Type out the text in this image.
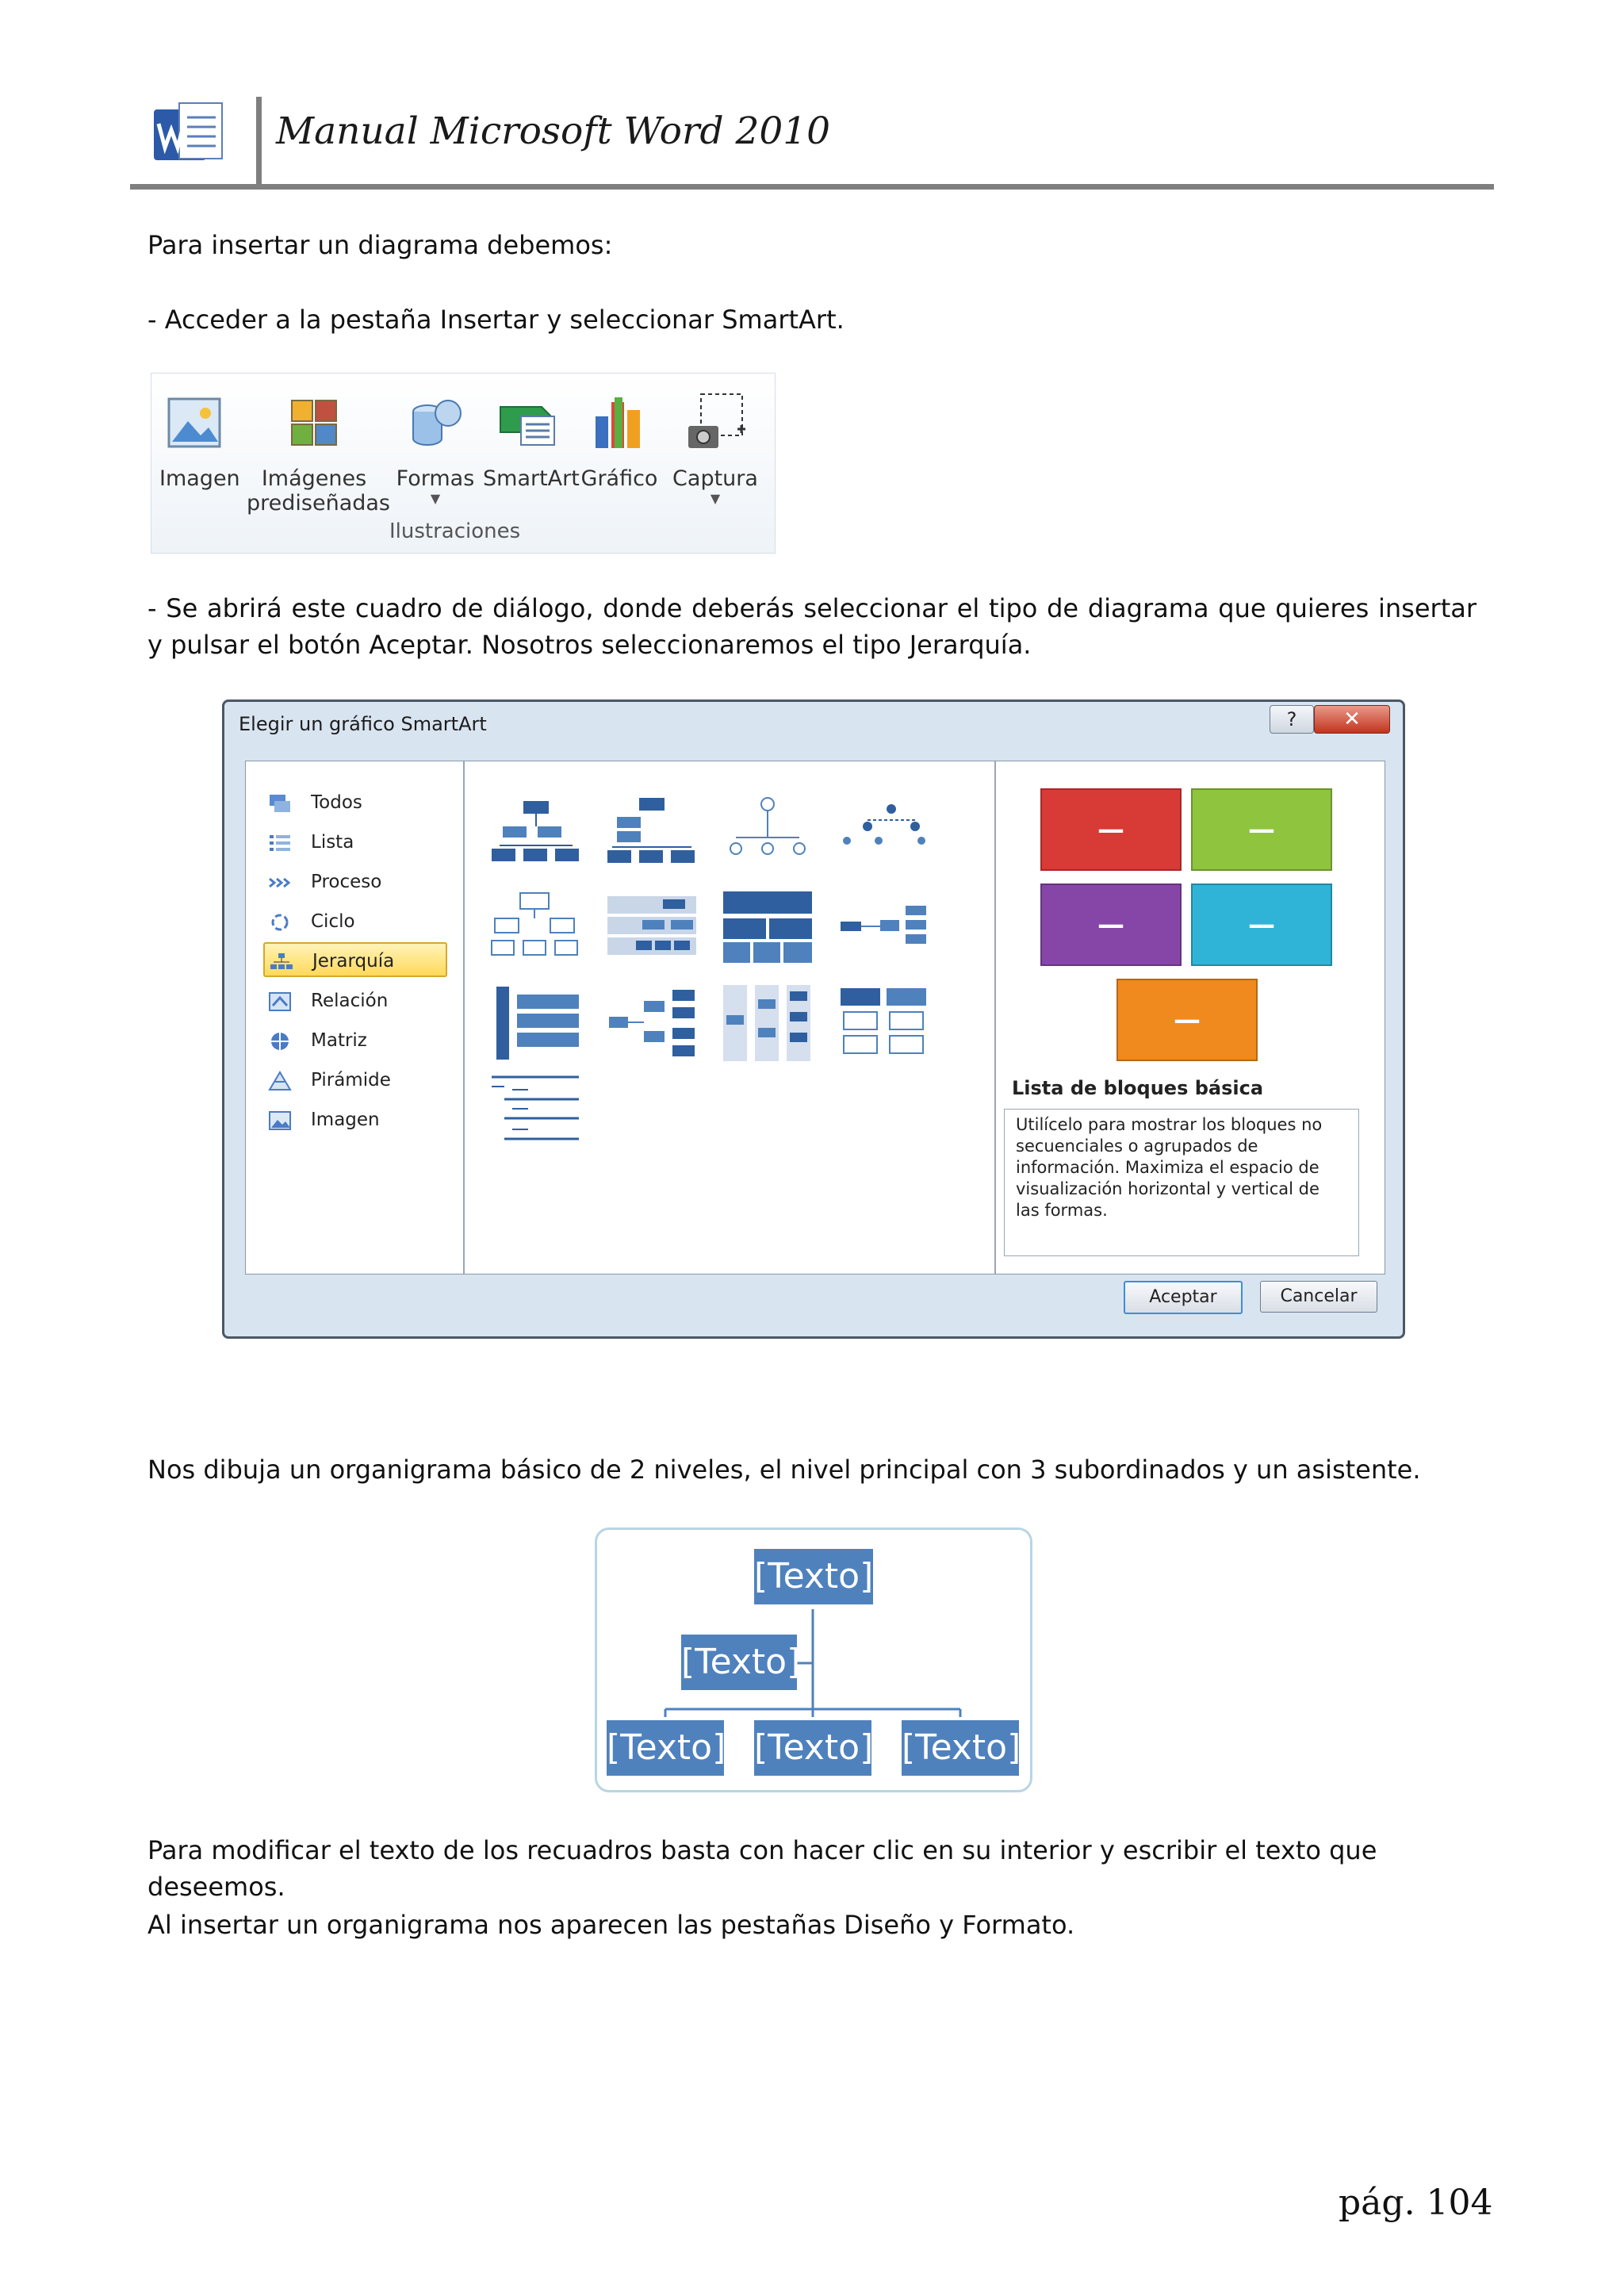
Manual Microsoft Word 2010
Para insertar un diagrama debemos:
- Acceder a la pestaña Insertar y seleccionar SmartArt.
Imagen	Imágenes
prediseñadas
Formas
▼
SmartArt Gráfico Captura
▼
Ilustraciones
- Se abrirá este cuadro de diálogo, donde deberás seleccionar el tipo de diagrama que quieres insertar y pulsar el botón Aceptar. Nosotros seleccionaremos el tipo Jerarquía.
Elegir un gráfico SmartArt	?	✕
Todos
Lista
Proceso
Ciclo
Jerarquía
Relación
Matriz
Pirámide
Imagen
—	—
—	—
—
Lista de bloques básica
Utilícelo para mostrar los bloques no secuenciales o agrupados de información. Maximiza el espacio de visualización horizontal y vertical de las formas.
Aceptar	Cancelar
Nos dibuja un organigrama básico de 2 niveles, el nivel principal con 3 subordinados y un asistente.
[Texto]
[Texto]
[Texto] [Texto] [Texto]
Para modificar el texto de los recuadros basta con hacer clic en su interior y escribir el texto que deseemos.
Al insertar un organigrama nos aparecen las pestañas Diseño y Formato.
pág. 104
